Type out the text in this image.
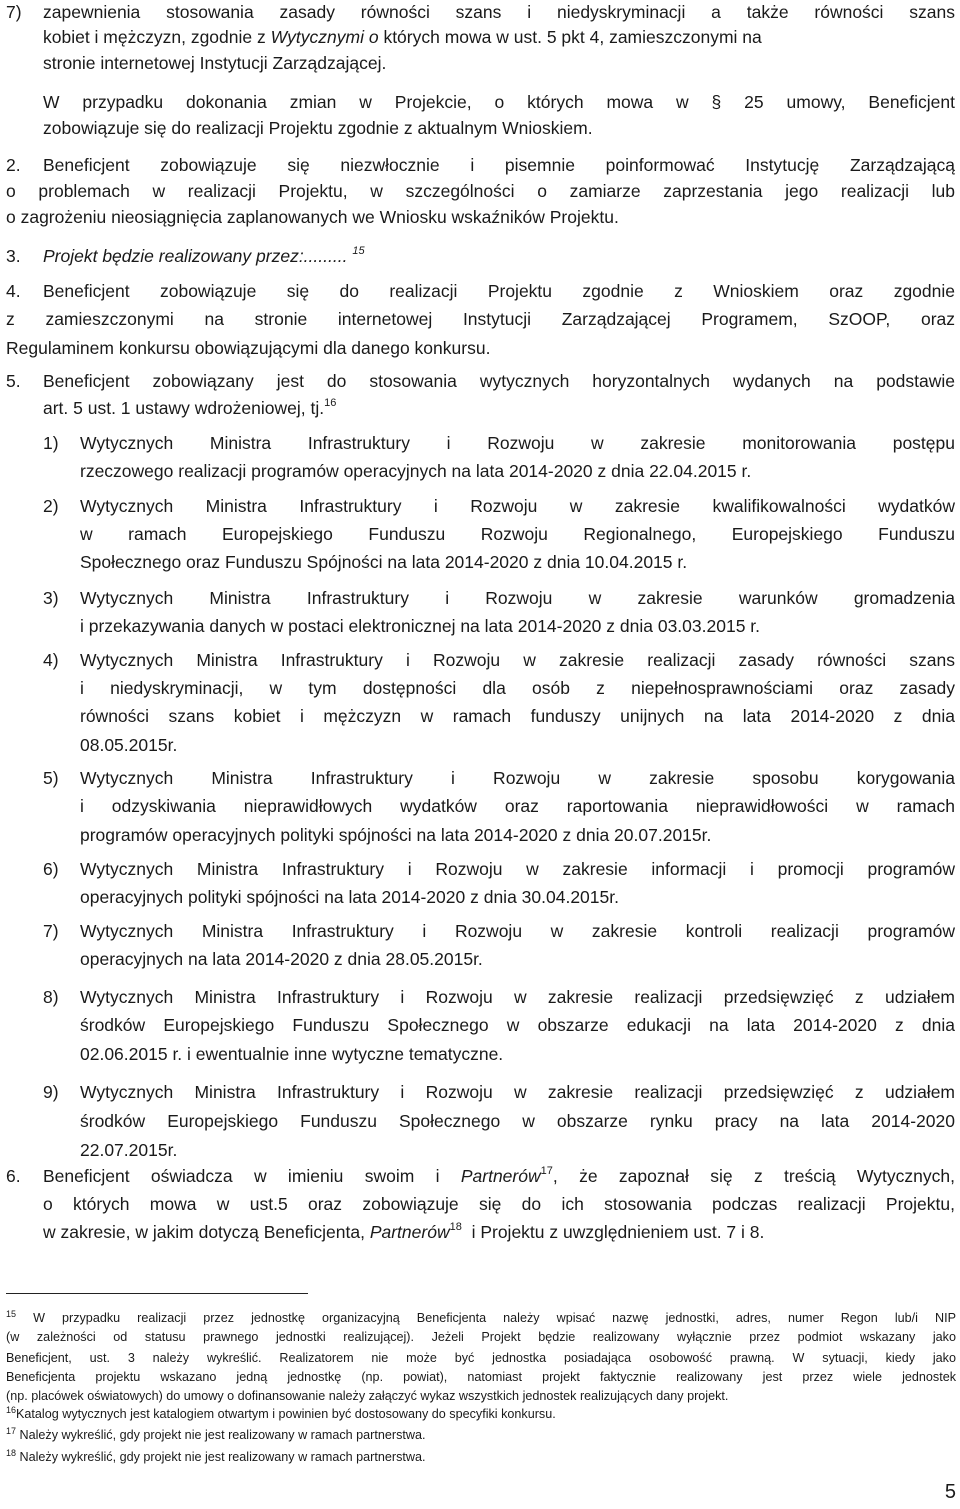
7) zapewnienia stosowania zasady równości szans i niedyskryminacji a także równości szans
kobiet i mężczyzn, zgodnie z Wytycznymi o których mowa w ust. 5 pkt 4, zamieszczonymi na
stronie internetowej Instytucji Zarządzającej.
W przypadku dokonania zmian w Projekcie, o których mowa w § 25 umowy, Beneficjent
zobowiązuje się do realizacji Projektu zgodnie z aktualnym Wnioskiem.
2. Beneficjent zobowiązuje się niezwłocznie i pisemnie poinformować Instytucję Zarządzającą
o problemach w realizacji Projektu, w szczególności o zamiarze zaprzestania jego realizacji lub
o zagrożeniu nieosiągnięcia zaplanowanych we Wniosku wskaźników Projektu.
3. Projekt będzie realizowany przez:......... $^{15}$
4. Beneficjent zobowiązuje się do realizacji Projektu zgodnie z Wnioskiem oraz zgodnie
z zamieszczonymi na stronie internetowej Instytucji Zarządzającej Programem, SzOOP, oraz
Regulaminem konkursu obowiązującymi dla danego konkursu.
5. Beneficjent zobowiązany jest do stosowania wytycznych horyzontalnych wydanych na podstawie
art. 5 ust. 1 ustawy wdrożeniowej, tj.$^{16}$
1) Wytycznych Ministra Infrastruktury i Rozwoju w zakresie monitorowania postępu
rzeczowego realizacji programów operacyjnych na lata 2014-2020 z dnia 22.04.2015 r.
2) Wytycznych Ministra Infrastruktury i Rozwoju w zakresie kwalifikowalności wydatków
w ramach Europejskiego Funduszu Rozwoju Regionalnego, Europejskiego Funduszu
Społecznego oraz Funduszu Spójności na lata 2014-2020 z dnia 10.04.2015 r.
3) Wytycznych Ministra Infrastruktury i Rozwoju w zakresie warunków gromadzenia
i przekazywania danych w postaci elektronicznej na lata 2014-2020 z dnia 03.03.2015 r.
4) Wytycznych Ministra Infrastruktury i Rozwoju w zakresie realizacji zasady równości szans
i niedyskryminacji, w tym dostępności dla osób z niepełnosprawnościami oraz zasady
równości szans kobiet i mężczyzn w ramach funduszy unijnych na lata 2014-2020 z dnia
08.05.2015r.
5) Wytycznych Ministra Infrastruktury i Rozwoju w zakresie sposobu korygowania
i odzyskiwania nieprawidłowych wydatków oraz raportowania nieprawidłowości w ramach
programów operacyjnych polityki spójności na lata 2014-2020 z dnia 20.07.2015r.
6) Wytycznych Ministra Infrastruktury i Rozwoju w zakresie informacji i promocji programów
operacyjnych polityki spójności na lata 2014-2020 z dnia 30.04.2015r.
7) Wytycznych Ministra Infrastruktury i Rozwoju w zakresie kontroli realizacji programów
operacyjnych na lata 2014-2020 z dnia 28.05.2015r.
8) Wytycznych Ministra Infrastruktury i Rozwoju w zakresie realizacji przedsięwzięć z udziałem
środków Europejskiego Funduszu Społecznego w obszarze edukacji na lata 2014-2020 z dnia
02.06.2015 r. i ewentualnie inne wytyczne tematyczne.
9) Wytycznych Ministra Infrastruktury i Rozwoju w zakresie realizacji przedsięwzięć z udziałem
środków Europejskiego Funduszu Społecznego w obszarze rynku pracy na lata 2014-2020
22.07.2015r.
6. Beneficjent oświadcza w imieniu swoim i Partnerów$^{17}$, że zapoznał się z treścią Wytycznych,
o których mowa w ust.5 oraz zobowiązuje się do ich stosowania podczas realizacji Projektu,
w zakresie, w jakim dotyczą Beneficjenta, Partnerów$^{18}$ i Projektu z uwzględnieniem ust. 7 i 8.
$^{15}$ W przypadku realizacji przez jednostkę organizacyjną Beneficjenta należy wpisać nazwę jednostki, adres, numer Regon lub/i NIP
(w zależności od statusu prawnego jednostki realizującej). Jeżeli Projekt będzie realizowany wyłącznie przez podmiot wskazany jako
Beneficjent, ust. 3 należy wykreślić. Realizatorem nie może być jednostka posiadająca osobowość prawną. W sytuacji, kiedy jako
Beneficjenta projektu wskazano jedną jednostkę (np. powiat), natomiast projekt faktycznie realizowany jest przez wiele jednostek
(np. placówek oświatowych) do umowy o dofinansowanie należy załączyć wykaz wszystkich jednostek realizujących dany projekt.
$^{16}$Katalog wytycznych jest katalogiem otwartym i powinien być dostosowany do specyfiki konkursu.
$^{17}$ Należy wykreślić, gdy projekt nie jest realizowany w ramach partnerstwa.
$^{18}$ Należy wykreślić, gdy projekt nie jest realizowany w ramach partnerstwa.
5
